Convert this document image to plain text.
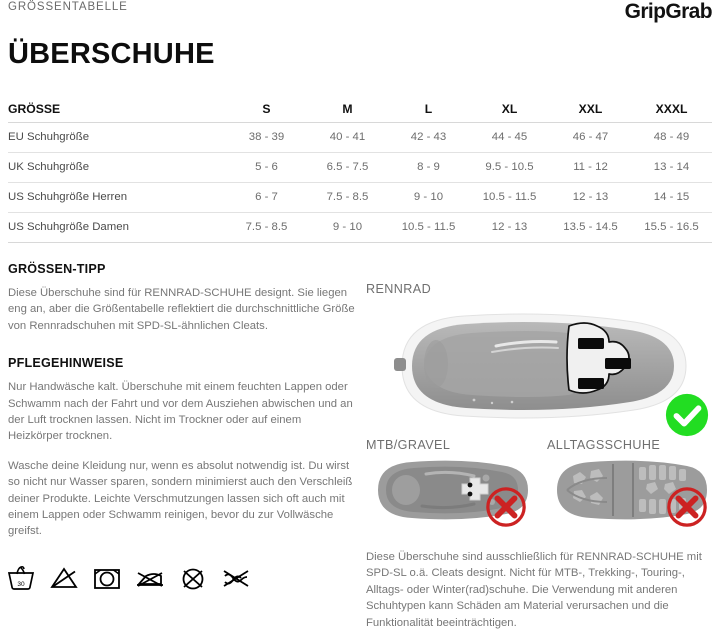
GRÖSSENTABELLE	GripGrab
ÜBERSCHUHE
GRÖSSE	S	M	L	XL	XXL	XXXL
EU Schuhgröße	38 - 39	40 - 41	42 - 43	44 - 45	46 - 47	48 - 49
UK Schuhgröße	5 - 6	6.5 - 7.5	8 - 9	9.5 - 10.5	11 - 12	13 - 14
US Schuhgröße Herren	6 - 7	7.5 - 8.5	9 - 10	10.5 - 11.5	12 - 13	14 - 15
US Schuhgröße Damen	7.5 - 8.5	9 - 10	10.5 - 11.5	12 - 13	13.5 - 14.5	15.5 - 16.5
GRÖSSEN-TIPP
Diese Überschuhe sind für RENNRAD-SCHUHE designt. Sie liegen eng an, aber die Größentabelle reflektiert die durchschnittliche Größe von Rennradschuhen mit SPD-SL-ähnlichen Cleats.
PFLEGEHINWEISE
Nur Handwäsche kalt. Überschuhe mit einem feuchten Lappen oder Schwamm nach der Fahrt und vor dem Ausziehen abwischen und an der Luft trocknen lassen. Nicht im Trockner oder auf einem Heizkörper trocknen.
Wasche deine Kleidung nur, wenn es absolut notwendig ist. Du wirst so nicht nur Wasser sparen, sondern minimierst auch den Verschleiß deiner Produkte. Leichte Verschmutzungen lassen sich oft auch mit einem Lappen oder Schwamm reinigen, bevor du zur Vollwäsche greifst.
30
RENNRAD
MTB/GRAVEL	ALLTAGSSCHUHE
Diese Überschuhe sind ausschließlich für RENNRAD-SCHUHE mit SPD-SL o.ä. Cleats designt. Nicht für MTB-, Trekking-, Touring-, Alltags- oder Winter(rad)schuhe. Die Verwendung mit anderen Schuhtypen kann Schäden am Material verursachen und die Funktionalität beeinträchtigen.
